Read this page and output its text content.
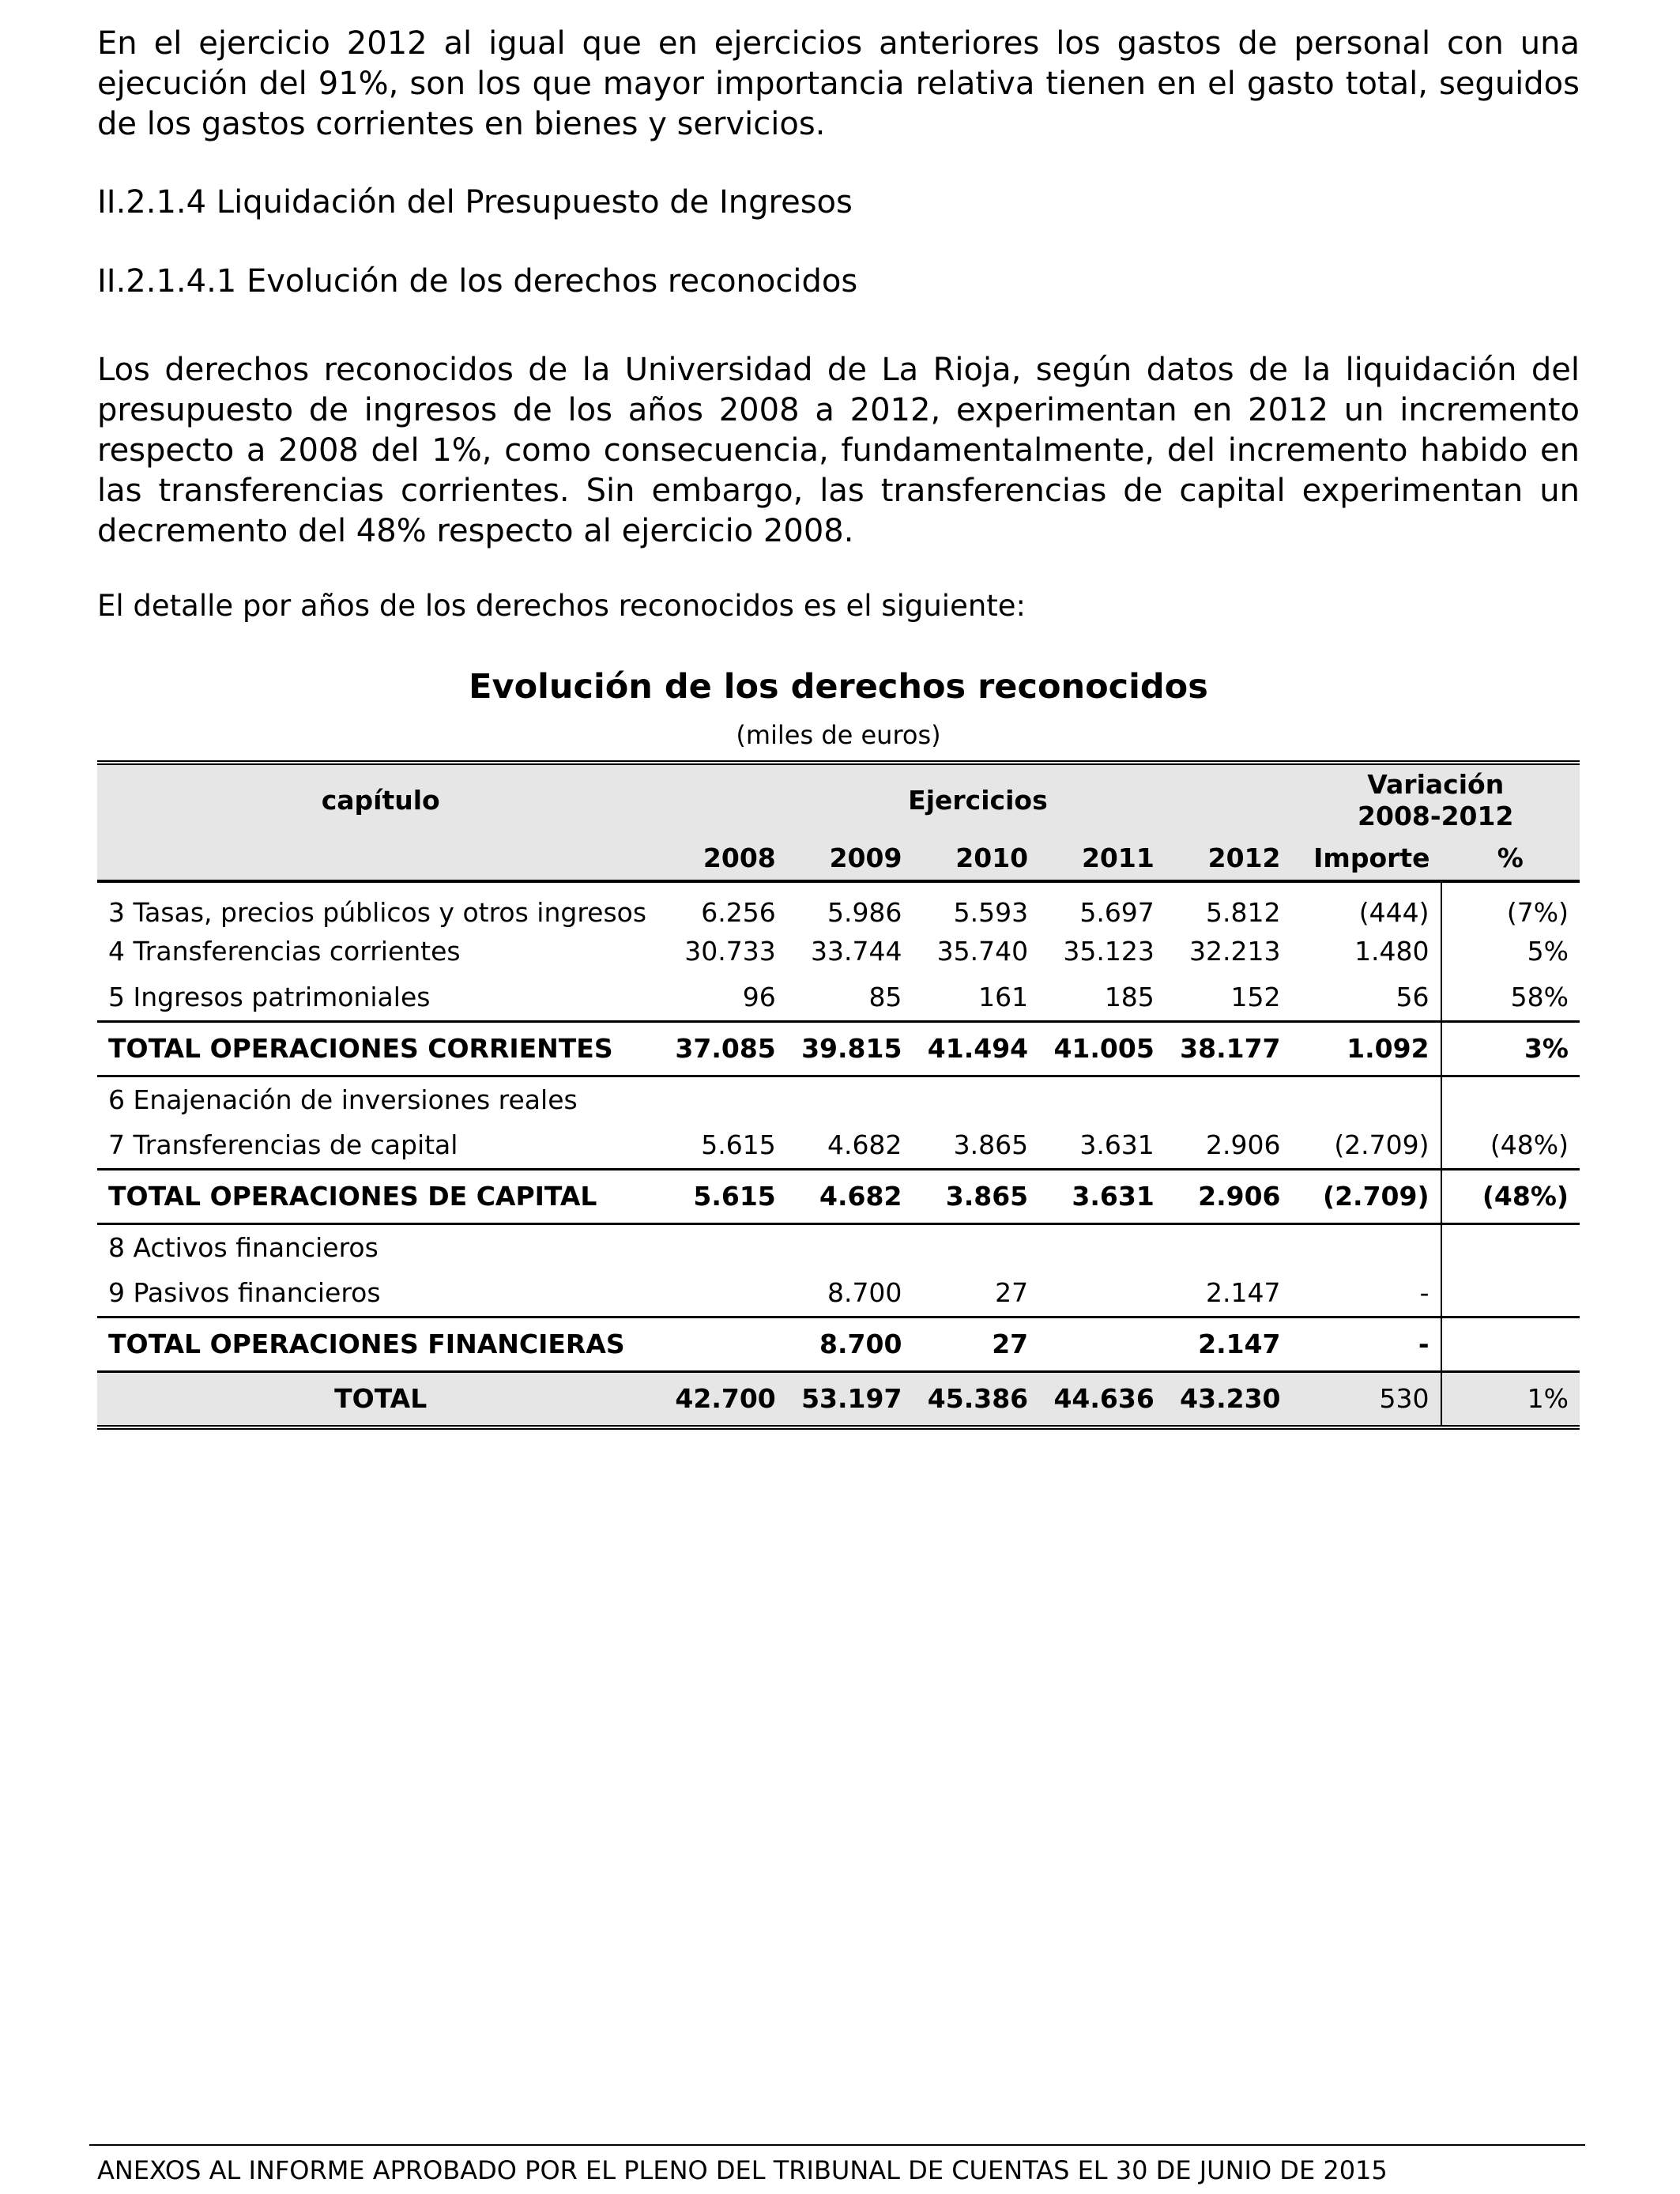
En el ejercicio 2012 al igual que en ejercicios anteriores los gastos de personal con una ejecución del 91%, son los que mayor importancia relativa tienen en el gasto total, seguidos de los gastos corrientes en bienes y servicios.

II.2.1.4 Liquidación del Presupuesto de Ingresos

II.2.1.4.1 Evolución de los derechos reconocidos

Los derechos reconocidos de la Universidad de La Rioja, según datos de la liquidación del presupuesto de ingresos de los años 2008 a 2012, experimentan en 2012 un incremento respecto a 2008 del 1%, como consecuencia, fundamentalmente, del incremento habido en las transferencias corrientes. Sin embargo, las transferencias de capital experimentan un decremento del 48% respecto al ejercicio 2008.

El detalle por años de los derechos reconocidos es el siguiente:

Evolución de los derechos reconocidos

(miles de euros)

capítulo	Ejercicios					Variación
2008-2012	
	2008	2009	2010	2011	2012	Importe	%
3 Tasas, precios públicos y otros ingresos	6.256	5.986	5.593	5.697	5.812	(444)	(7%)
4 Transferencias corrientes	30.733	33.744	35.740	35.123	32.213	1.480	5%
5 Ingresos patrimoniales	96	85	161	185	152	56	58%
TOTAL OPERACIONES CORRIENTES	37.085	39.815	41.494	41.005	38.177	1.092	3%
6 Enajenación de inversiones reales							
7 Transferencias de capital	5.615	4.682	3.865	3.631	2.906	(2.709)	(48%)
TOTAL OPERACIONES DE CAPITAL	5.615	4.682	3.865	3.631	2.906	(2.709)	(48%)
8 Activos financieros							
9 Pasivos financieros		8.700	27		2.147	-	
TOTAL OPERACIONES FINANCIERAS		8.700	27		2.147	-	
TOTAL	42.700	53.197	45.386	44.636	43.230	530	1%

ANEXOS AL INFORME APROBADO POR EL PLENO DEL TRIBUNAL DE CUENTAS EL 30 DE JUNIO DE 2015
